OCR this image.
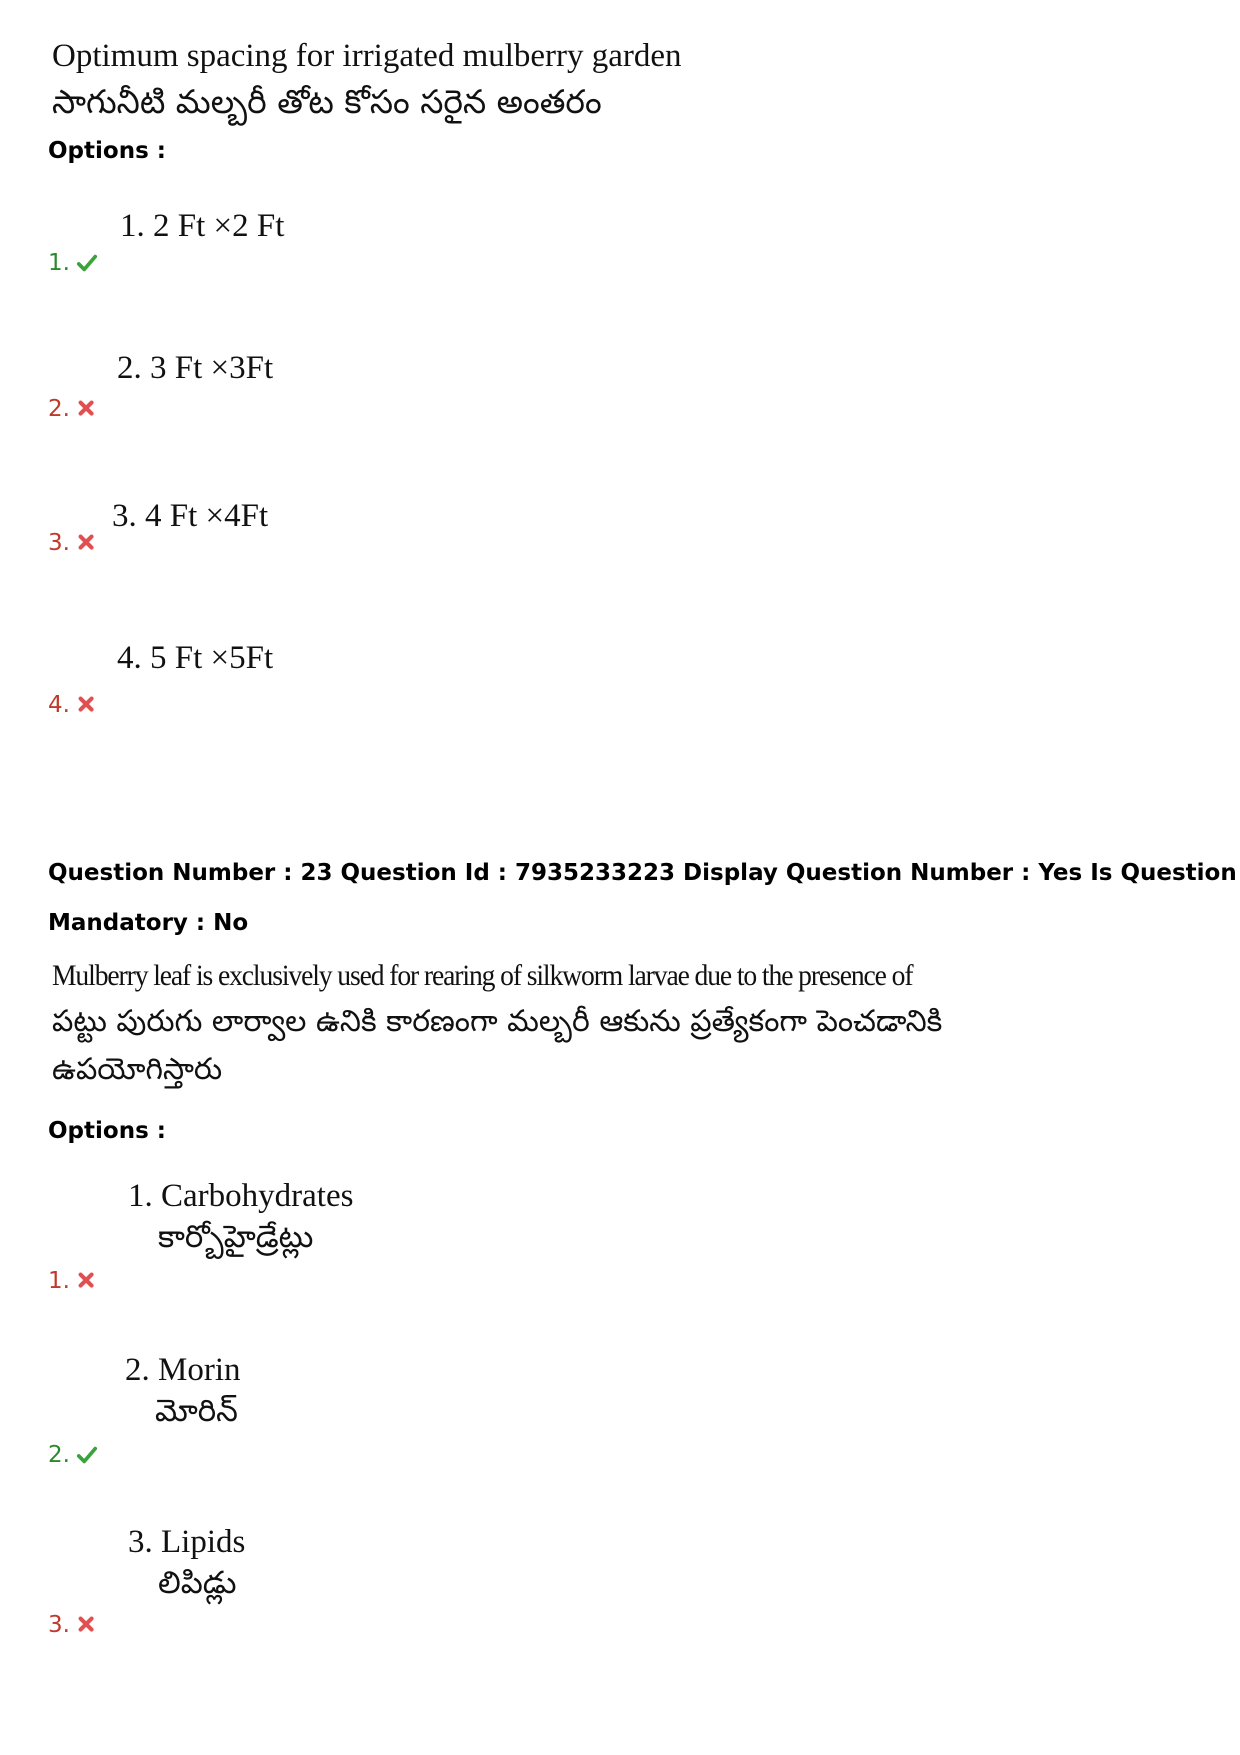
Optimum spacing for irrigated mulberry garden
సాగునీటి మల్బరీ తోట కోసం సరైన అంతరం
Options :
1. 2 Ft ×2 Ft
1.
2. 3 Ft ×3Ft
2.
3. 4 Ft ×4Ft
3.
4. 5 Ft ×5Ft
4.
Question Number : 23 Question Id : 7935233223 Display Question Number : Yes Is Question
Mandatory : No
Mulberry leaf is exclusively used for rearing of silkworm larvae due to the presence of
పట్టు పురుగు లార్వాల ఉనికి కారణంగా మల్బరీ ఆకును ప్రత్యేకంగా పెంచడానికి
ఉపయోగిస్తారు
Options :
1. Carbohydrates
కార్బోహైడ్రేట్లు
1.
2. Morin
మోరిన్
2.
3. Lipids
లిపిడ్లు
3.
